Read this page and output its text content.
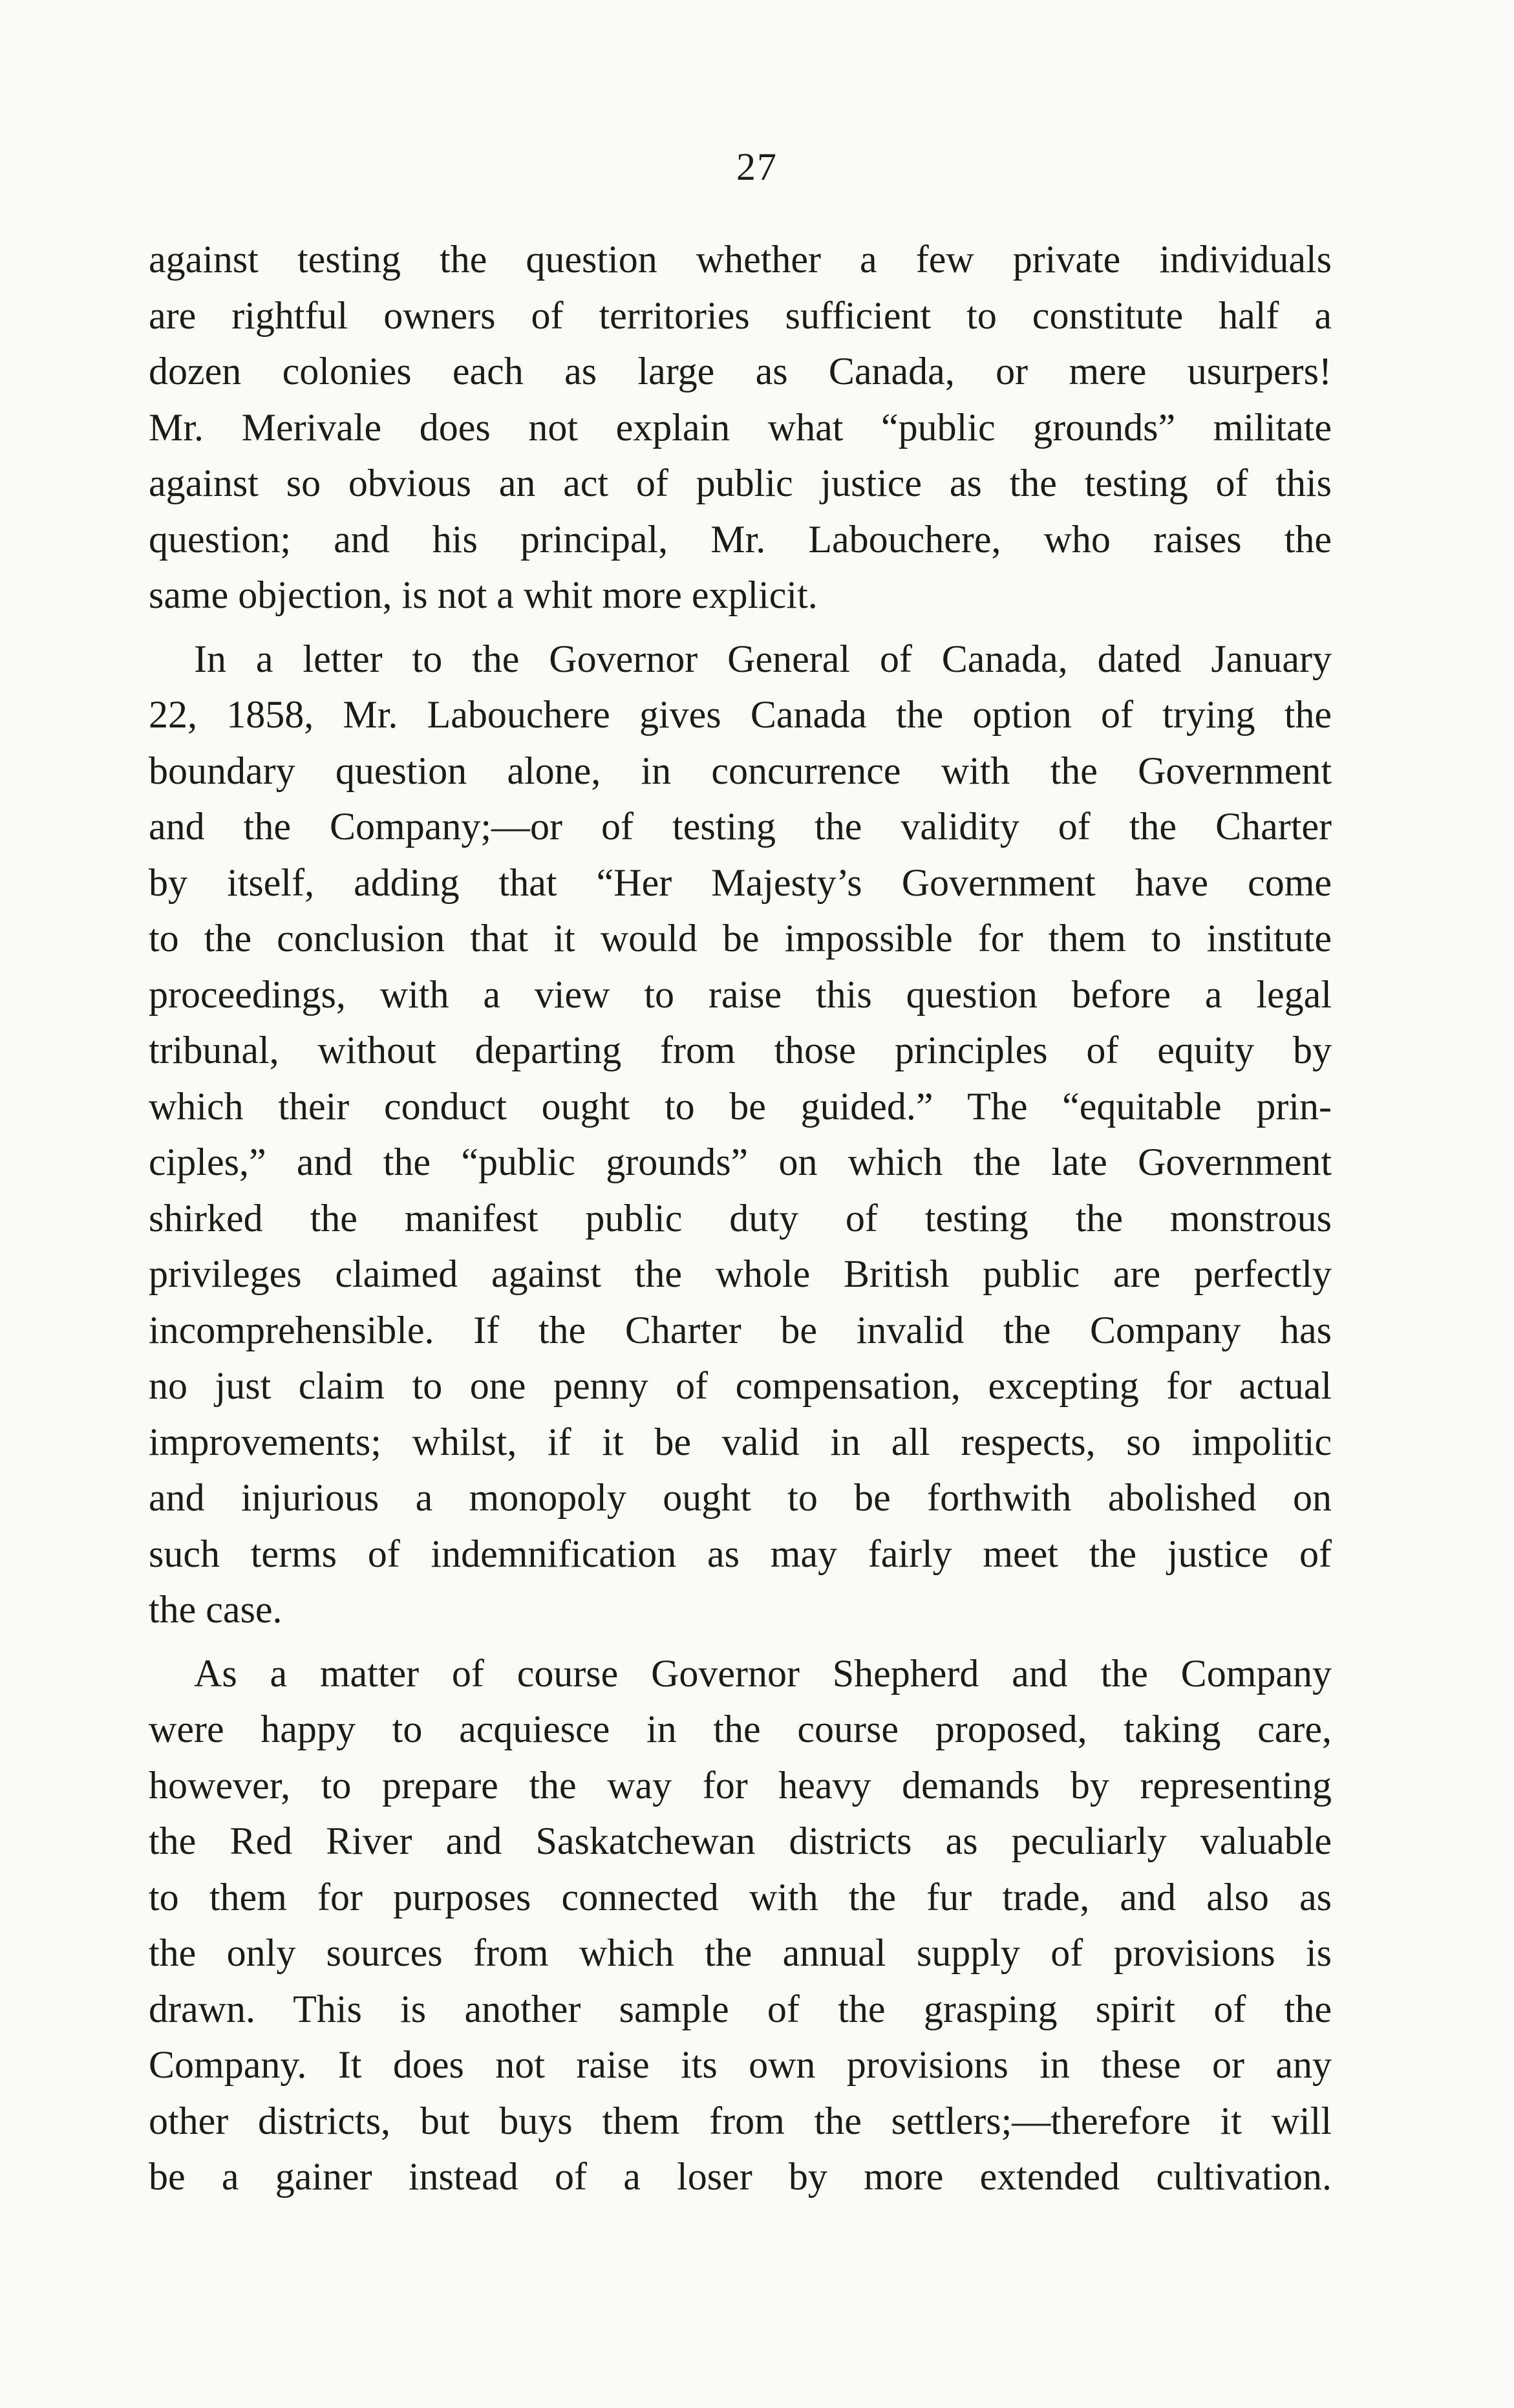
27
against testing the question whether a few private individuals
are rightful owners of territories sufficient to constitute half a
dozen colonies each as large as Canada, or mere usurpers!
Mr. Merivale does not explain what “public grounds” militate
against so obvious an act of public justice as the testing of this
question; and his principal, Mr. Labouchere, who raises the
same objection, is not a whit more explicit.
In a letter to the Governor General of Canada, dated January
22, 1858, Mr. Labouchere gives Canada the option of trying the
boundary question alone, in concurrence with the Government
and the Company;—or of testing the validity of the Charter
by itself, adding that “Her Majesty’s Government have come
to the conclusion that it would be impossible for them to institute
proceedings, with a view to raise this question before a legal
tribunal, without departing from those principles of equity by
which their conduct ought to be guided.” The “equitable prin-
ciples,” and the “public grounds” on which the late Government
shirked the manifest public duty of testing the monstrous
privileges claimed against the whole British public are perfectly
incomprehensible. If the Charter be invalid the Company has
no just claim to one penny of compensation, excepting for actual
improvements; whilst, if it be valid in all respects, so impolitic
and injurious a monopoly ought to be forthwith abolished on
such terms of indemnification as may fairly meet the justice of
the case.
As a matter of course Governor Shepherd and the Company
were happy to acquiesce in the course proposed, taking care,
however, to prepare the way for heavy demands by representing
the Red River and Saskatchewan districts as peculiarly valuable
to them for purposes connected with the fur trade, and also as
the only sources from which the annual supply of provisions is
drawn. This is another sample of the grasping spirit of the
Company. It does not raise its own provisions in these or any
other districts, but buys them from the settlers;—therefore it will
be a gainer instead of a loser by more extended cultivation.
